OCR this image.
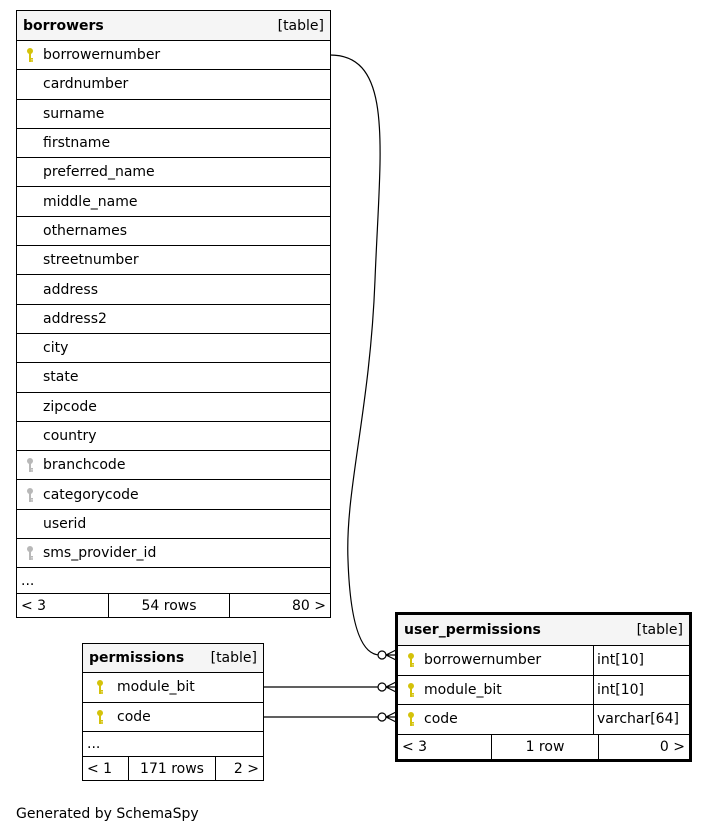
borrowers	[table]
borrowernumber
cardnumber
surname
firstname
preferred_name
middle_name
othernames
streetnumber
address
address2
city
state
zipcode
country
branchcode
categorycode
userid
sms_provider_id
...
< 3	54 rows	80 >
permissions [table]
module_bit
code
...
< 1	171 rows	2 >
user_permissions	[table]
borrowernumber	int[10]
module_bit	int[10]
code	varchar[64]
< 3	1 row	0 >
Generated by SchemaSpy
